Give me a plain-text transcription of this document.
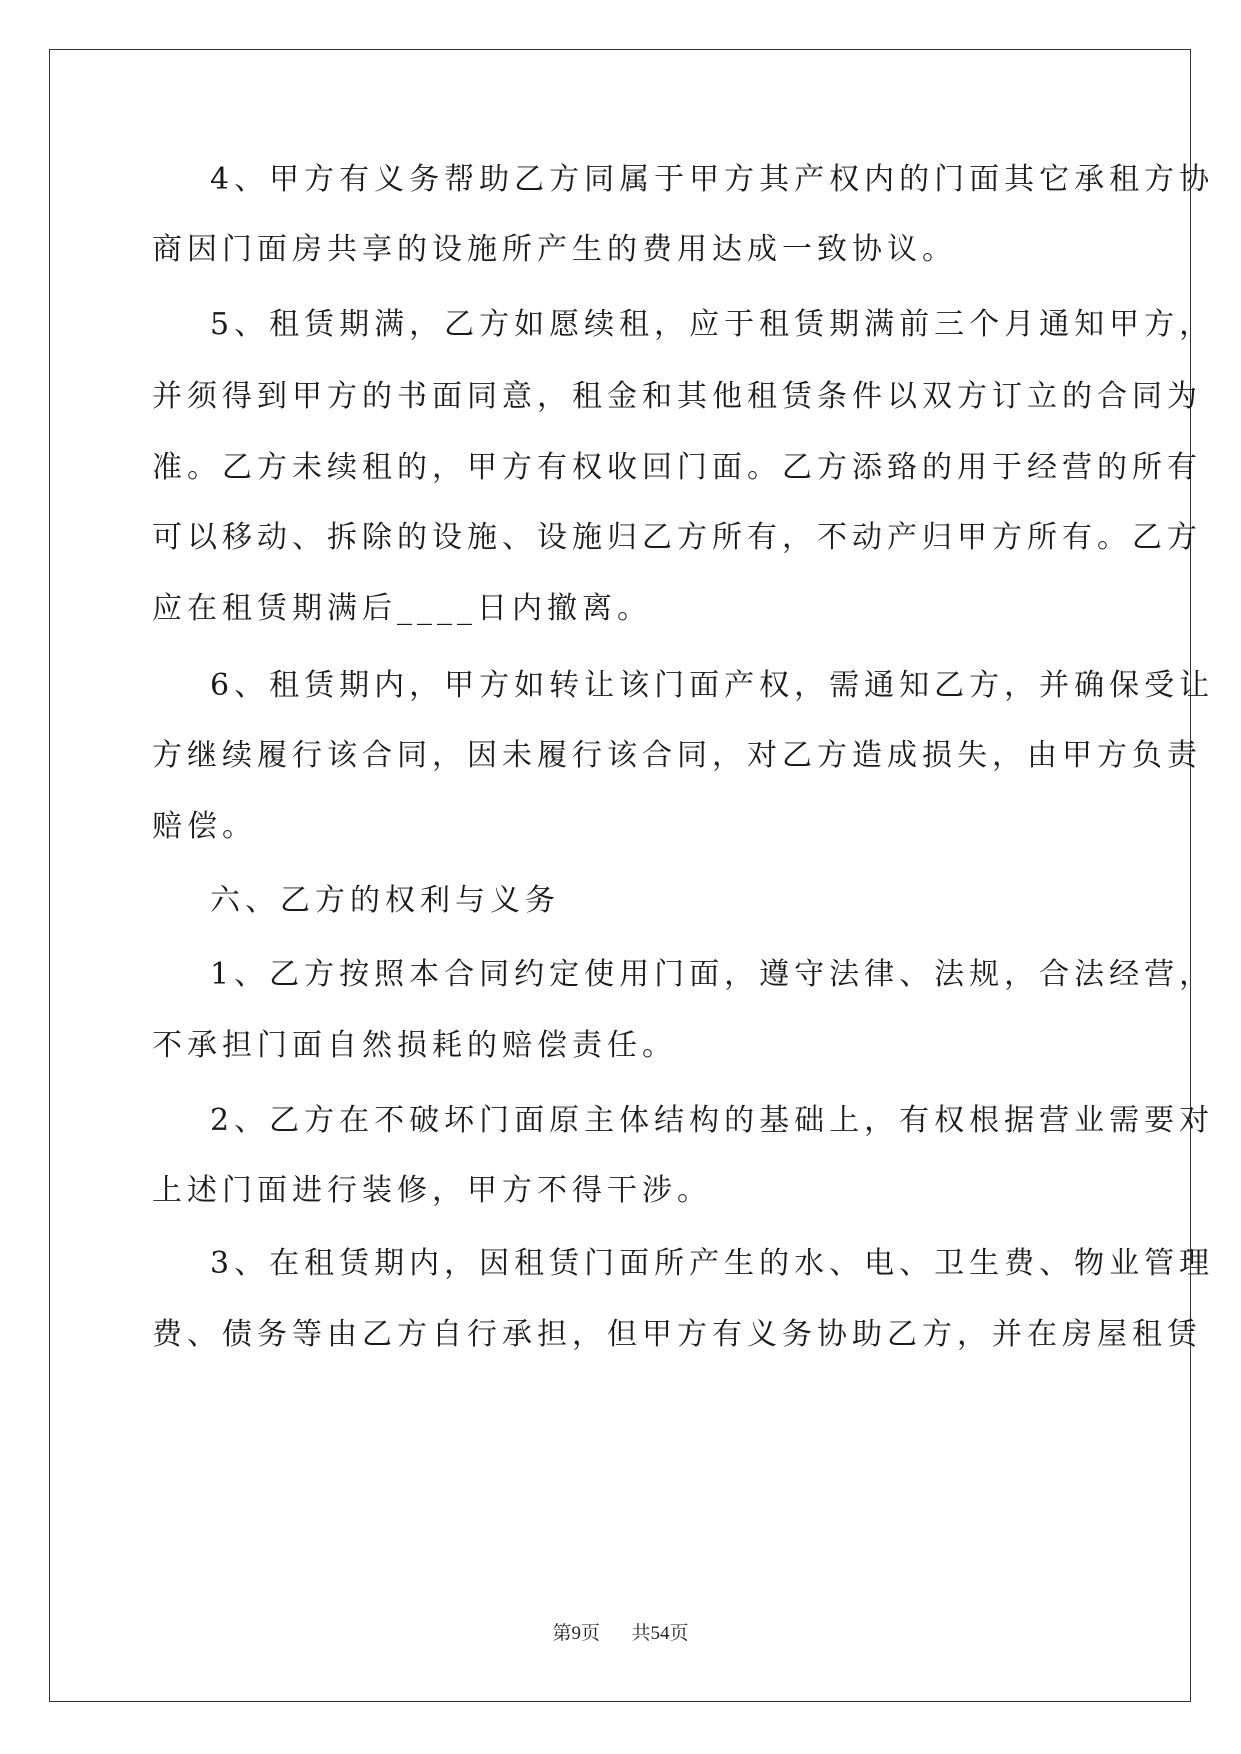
4、甲方有义务帮助乙方同属于甲方其产权内的门面其它承租方协
商因门面房共享的设施所产生的费用达成一致协议。
5、租赁期满，乙方如愿续租，应于租赁期满前三个月通知甲方，
并须得到甲方的书面同意，租金和其他租赁条件以双方订立的合同为
准。乙方未续租的，甲方有权收回门面。乙方添臵的用于经营的所有
可以移动、拆除的设施、设施归乙方所有，不动产归甲方所有。乙方
应在租赁期满后____日内撤离。
6、租赁期内，甲方如转让该门面产权，需通知乙方，并确保受让
方继续履行该合同，因未履行该合同，对乙方造成损失，由甲方负责
赔偿。
六、乙方的权利与义务
1、乙方按照本合同约定使用门面，遵守法律、法规，合法经营，
不承担门面自然损耗的赔偿责任。
2、乙方在不破坏门面原主体结构的基础上，有权根据营业需要对
上述门面进行装修，甲方不得干涉。
3、在租赁期内，因租赁门面所产生的水、电、卫生费、物业管理
费、债务等由乙方自行承担，但甲方有义务协助乙方，并在房屋租赁
第9页 共54页
